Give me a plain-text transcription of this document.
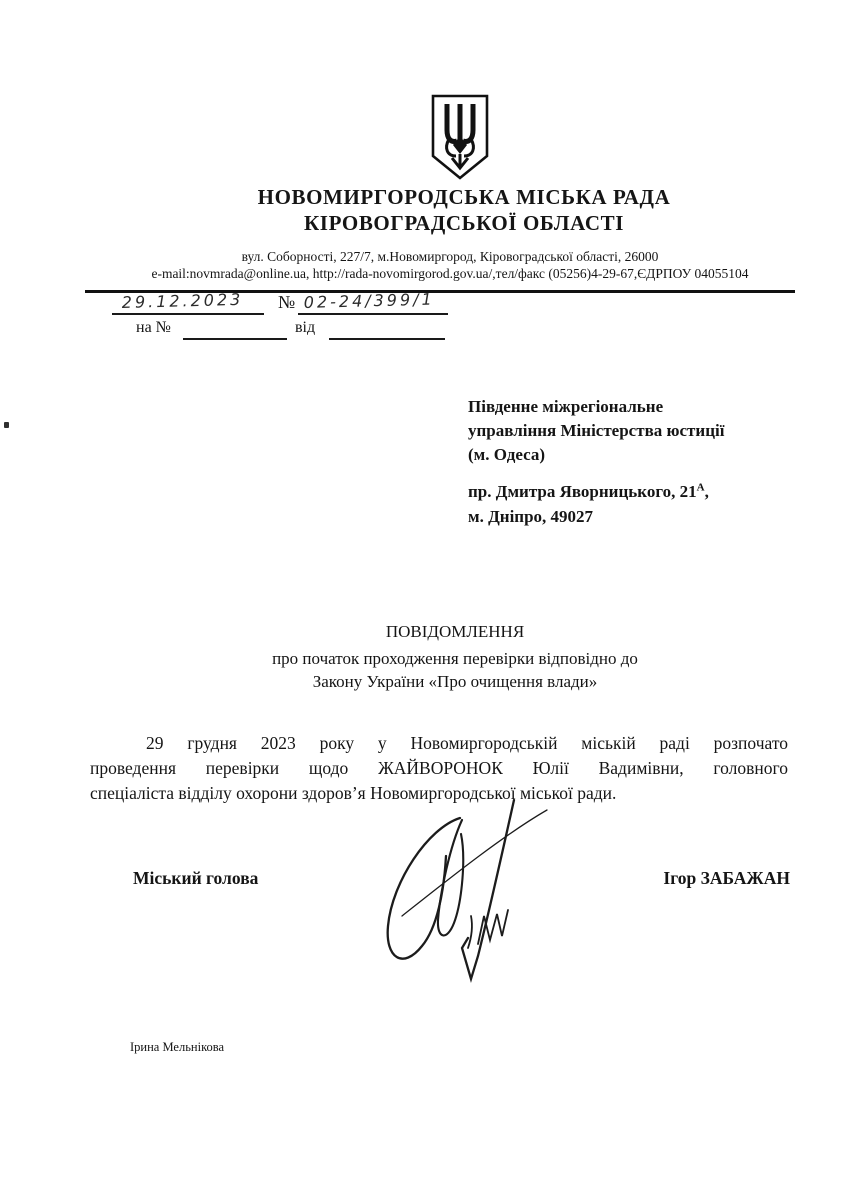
НОВОМИРГОРОДСЬКА МІСЬКА РАДА
КІРОВОГРАДСЬКОЇ ОБЛАСТІ
вул. Соборності, 227/7, м.Новомиргород, Кіровоградської області, 26000
e-mail:novmrada@online.ua, http://rada-novomirgorod.gov.ua/,тел/факс (05256)4-29-67,ЄДРПОУ 04055104
29.12.2023 № 02-24/399/1
на №	від
Південне міжрегіональне
управління Міністерства юстиції
(м. Одеса)
пр. Дмитра Яворницького, $21^А$,
м. Дніпро, 49027
ПОВІДОМЛЕННЯ
про початок проходження перевірки відповідно до
Закону України «Про очищення влади»
29 грудня 2023 року у Новомиргородській міській раді розпочато
проведення перевірки щодо ЖАЙВОРОНОК Юлії Вадимівни, головного
спеціаліста відділу охорони здоров’я Новомиргородської міської ради.
Міський голова	Ігор ЗАБАЖАН
Ірина Мельнікова
